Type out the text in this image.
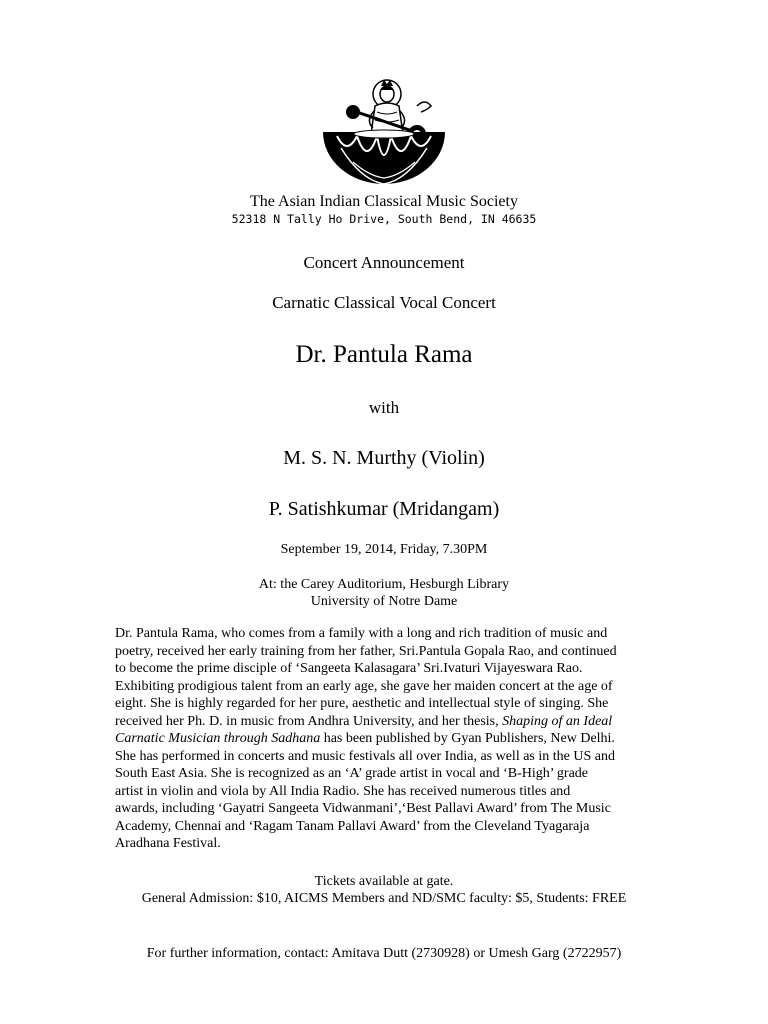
The Asian Indian Classical Music Society
52318 N Tally Ho Drive, South Bend, IN 46635
Concert Announcement
Carnatic Classical Vocal Concert
Dr. Pantula Rama
with
M. S. N. Murthy (Violin)
P. Satishkumar (Mridangam)
September 19, 2014, Friday, 7.30PM
At: the Carey Auditorium, Hesburgh Library
University of Notre Dame
Dr. Pantula Rama, who comes from a family with a long and rich tradition of music and
poetry, received her early training from her father, Sri.Pantula Gopala Rao, and continued
to become the prime disciple of ‘Sangeeta Kalasagara’ Sri.Ivaturi Vijayeswara Rao.
Exhibiting prodigious talent from an early age, she gave her maiden concert at the age of
eight. She is highly regarded for her pure, aesthetic and intellectual style of singing. She
received her Ph. D. in music from Andhra University, and her thesis, Shaping of an Ideal
Carnatic Musician through Sadhana has been published by Gyan Publishers, New Delhi.
She has performed in concerts and music festivals all over India, as well as in the US and
South East Asia. She is recognized as an ‘A’ grade artist in vocal and ‘B-High’ grade
artist in violin and viola by All India Radio. She has received numerous titles and
awards, including ‘Gayatri Sangeeta Vidwanmani’,‘Best Pallavi Award’ from The Music
Academy, Chennai and ‘Ragam Tanam Pallavi Award’ from the Cleveland Tyagaraja
Aradhana Festival.
Tickets available at gate.
General Admission: $10, AICMS Members and ND/SMC faculty: $5, Students: FREE
For further information, contact: Amitava Dutt (2730928) or Umesh Garg (2722957)
